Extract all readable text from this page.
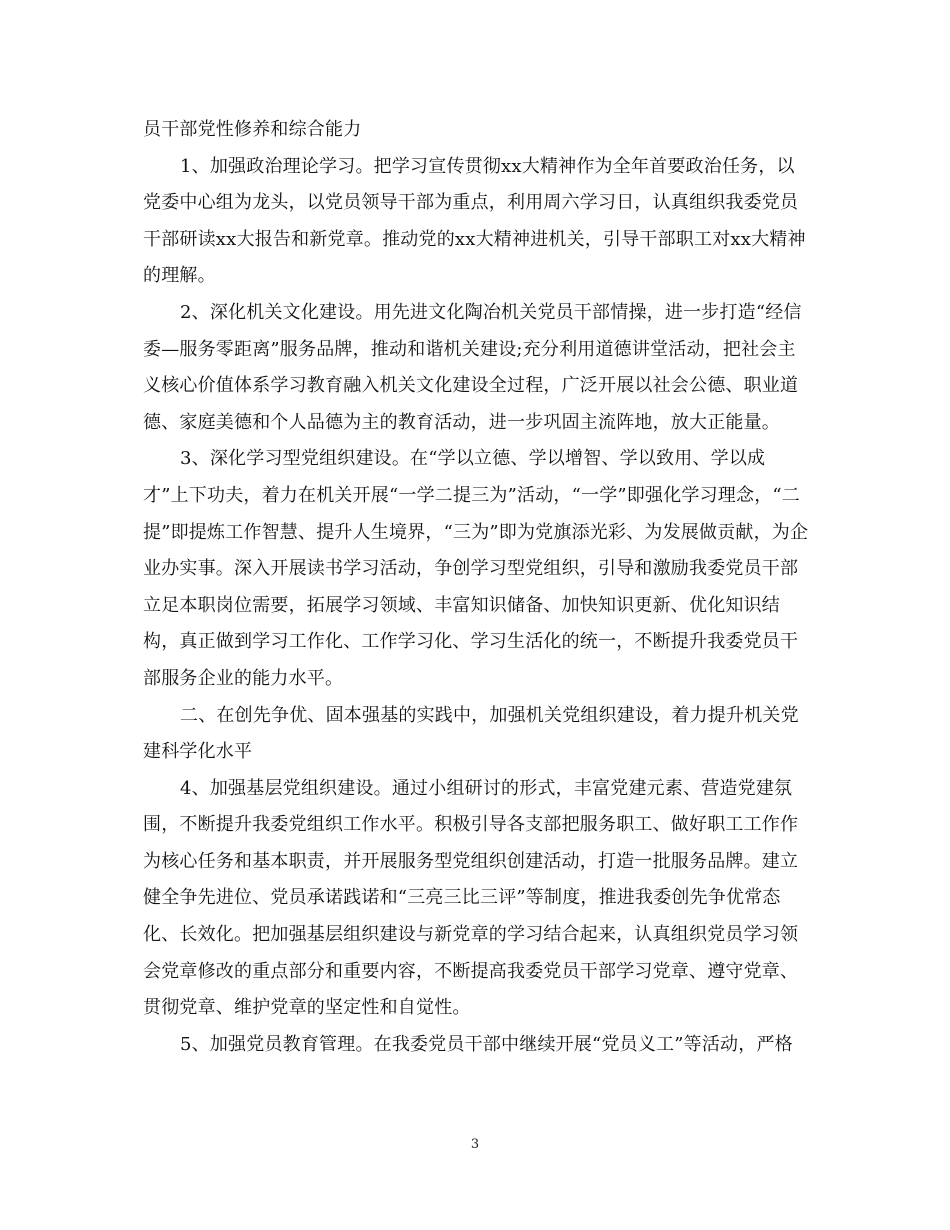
员干部党性修养和综合能力

1、加强政治理论学习。把学习宣传贯彻xx大精神作为全年首要政治任务，以党委中心组为龙头，以党员领导干部为重点，利用周六学习日，认真组织我委党员干部研读xx大报告和新党章。推动党的xx大精神进机关，引导干部职工对xx大精神的理解。

2、深化机关文化建设。用先进文化陶冶机关党员干部情操，进一步打造“经信委—服务零距离”服务品牌，推动和谐机关建设;充分利用道德讲堂活动，把社会主义核心价值体系学习教育融入机关文化建设全过程，广泛开展以社会公德、职业道德、家庭美德和个人品德为主的教育活动，进一步巩固主流阵地，放大正能量。

3、深化学习型党组织建设。在“学以立德、学以增智、学以致用、学以成才”上下功夫，着力在机关开展“一学二提三为”活动，“一学”即强化学习理念，“二提”即提炼工作智慧、提升人生境界，“三为”即为党旗添光彩、为发展做贡献，为企业办实事。深入开展读书学习活动，争创学习型党组织，引导和激励我委党员干部立足本职岗位需要，拓展学习领域、丰富知识储备、加快知识更新、优化知识结构，真正做到学习工作化、工作学习化、学习生活化的统一，不断提升我委党员干部服务企业的能力水平。

二、在创先争优、固本强基的实践中，加强机关党组织建设，着力提升机关党建科学化水平

4、加强基层党组织建设。通过小组研讨的形式，丰富党建元素、营造党建氛围，不断提升我委党组织工作水平。积极引导各支部把服务职工、做好职工工作作为核心任务和基本职责，并开展服务型党组织创建活动，打造一批服务品牌。建立健全争先进位、党员承诺践诺和“三亮三比三评”等制度，推进我委创先争优常态化、长效化。把加强基层组织建设与新党章的学习结合起来，认真组织党员学习领会党章修改的重点部分和重要内容，不断提高我委党员干部学习党章、遵守党章、贯彻党章、维护党章的坚定性和自觉性。

5、加强党员教育管理。在我委党员干部中继续开展“党员义工”等活动，严格

3
